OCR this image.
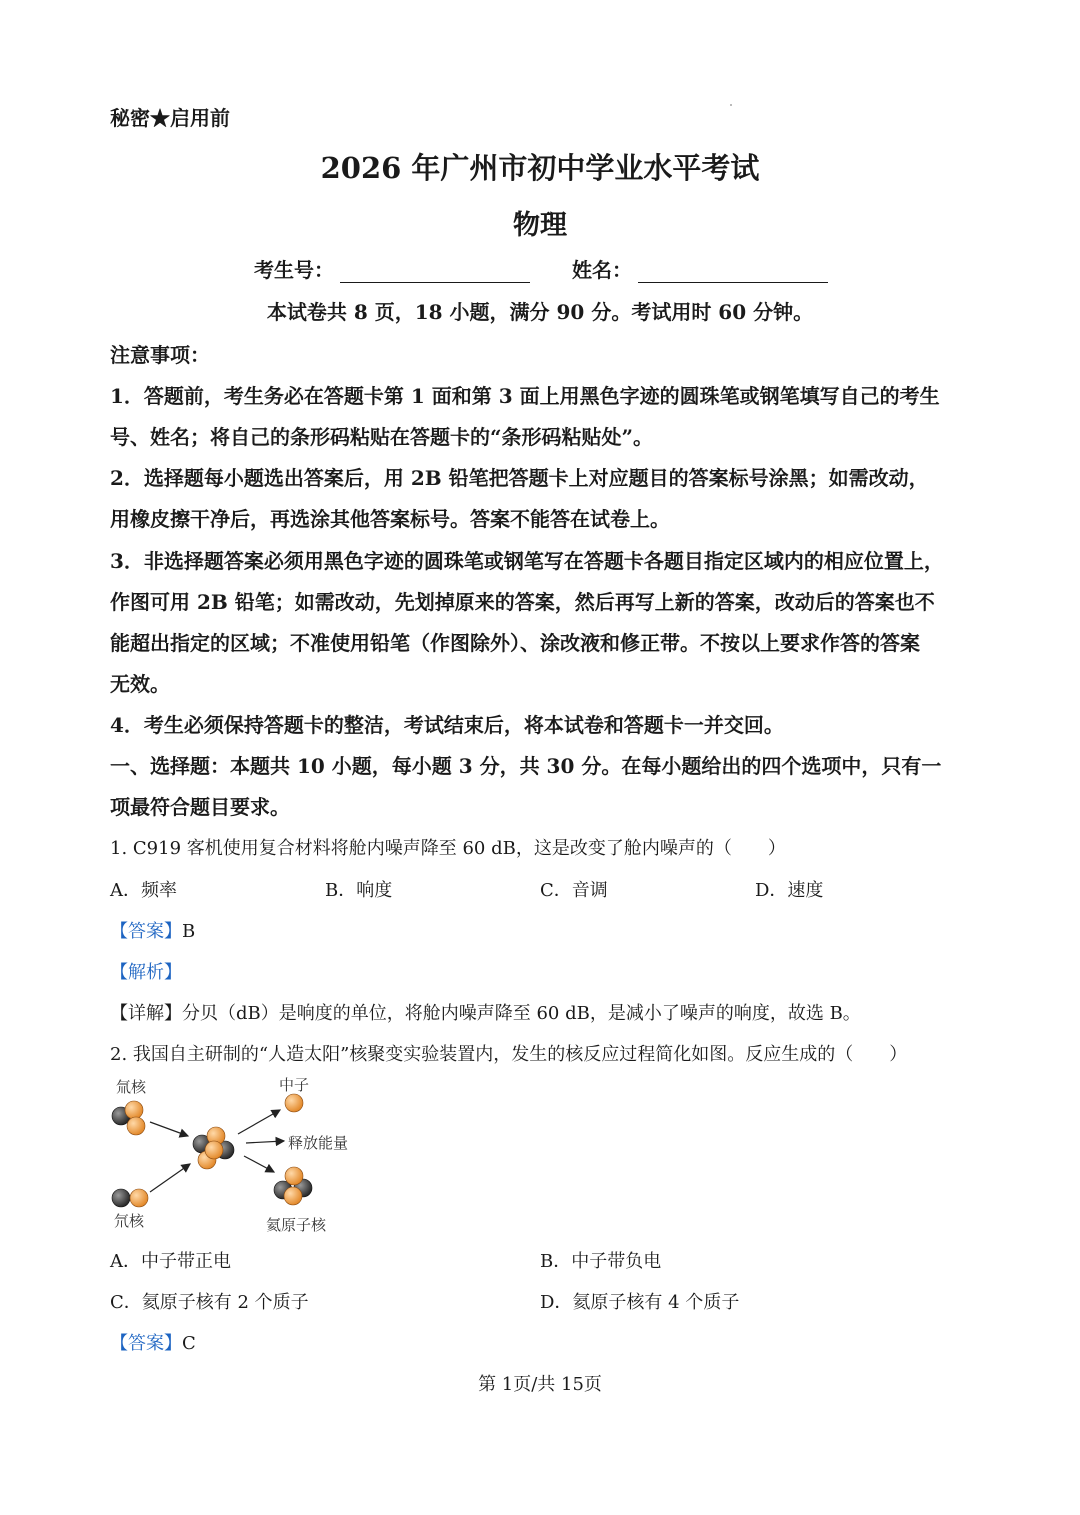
秘密★启用前
2026 年广州市初中学业水平考试
物理
考生号：	姓名：
本试卷共 8 页，18 小题，满分 90 分。考试用时 60 分钟。
注意事项：
1．答题前，考生务必在答题卡第 1 面和第 3 面上用黑色字迹的圆珠笔或钢笔填写自己的考生
号、姓名；将自己的条形码粘贴在答题卡的“条形码粘贴处”。
2．选择题每小题选出答案后，用 2B 铅笔把答题卡上对应题目的答案标号涂黑；如需改动，
用橡皮擦干净后，再选涂其他答案标号。答案不能答在试卷上。
3．非选择题答案必须用黑色字迹的圆珠笔或钢笔写在答题卡各题目指定区域内的相应位置上，
作图可用 2B 铅笔；如需改动，先划掉原来的答案，然后再写上新的答案，改动后的答案也不
能超出指定的区域；不准使用铅笔（作图除外）、涂改液和修正带。不按以上要求作答的答案
无效。
4．考生必须保持答题卡的整洁，考试结束后，将本试卷和答题卡一并交回。
一、选择题：本题共 10 小题，每小题 3 分，共 30 分。在每小题给出的四个选项中，只有一
项最符合题目要求。
1. C919 客机使用复合材料将舱内噪声降至 60 dB，这是改变了舱内噪声的（　　）
A．频率	B．响度	C．音调	D．速度
【答案】B
【解析】
【详解】分贝（dB）是响度的单位，将舱内噪声降至 60 dB，是减小了噪声的响度，故选 B。
2. 我国自主研制的“人造太阳”核聚变实验装置内，发生的核反应过程简化如图。反应生成的（　　）
氚核
氘核
中子
释放能量
氦原子核
A．中子带正电	B．中子带负电
C．氦原子核有 2 个质子	D．氦原子核有 4 个质子
【答案】C
第 1页/共 15页
